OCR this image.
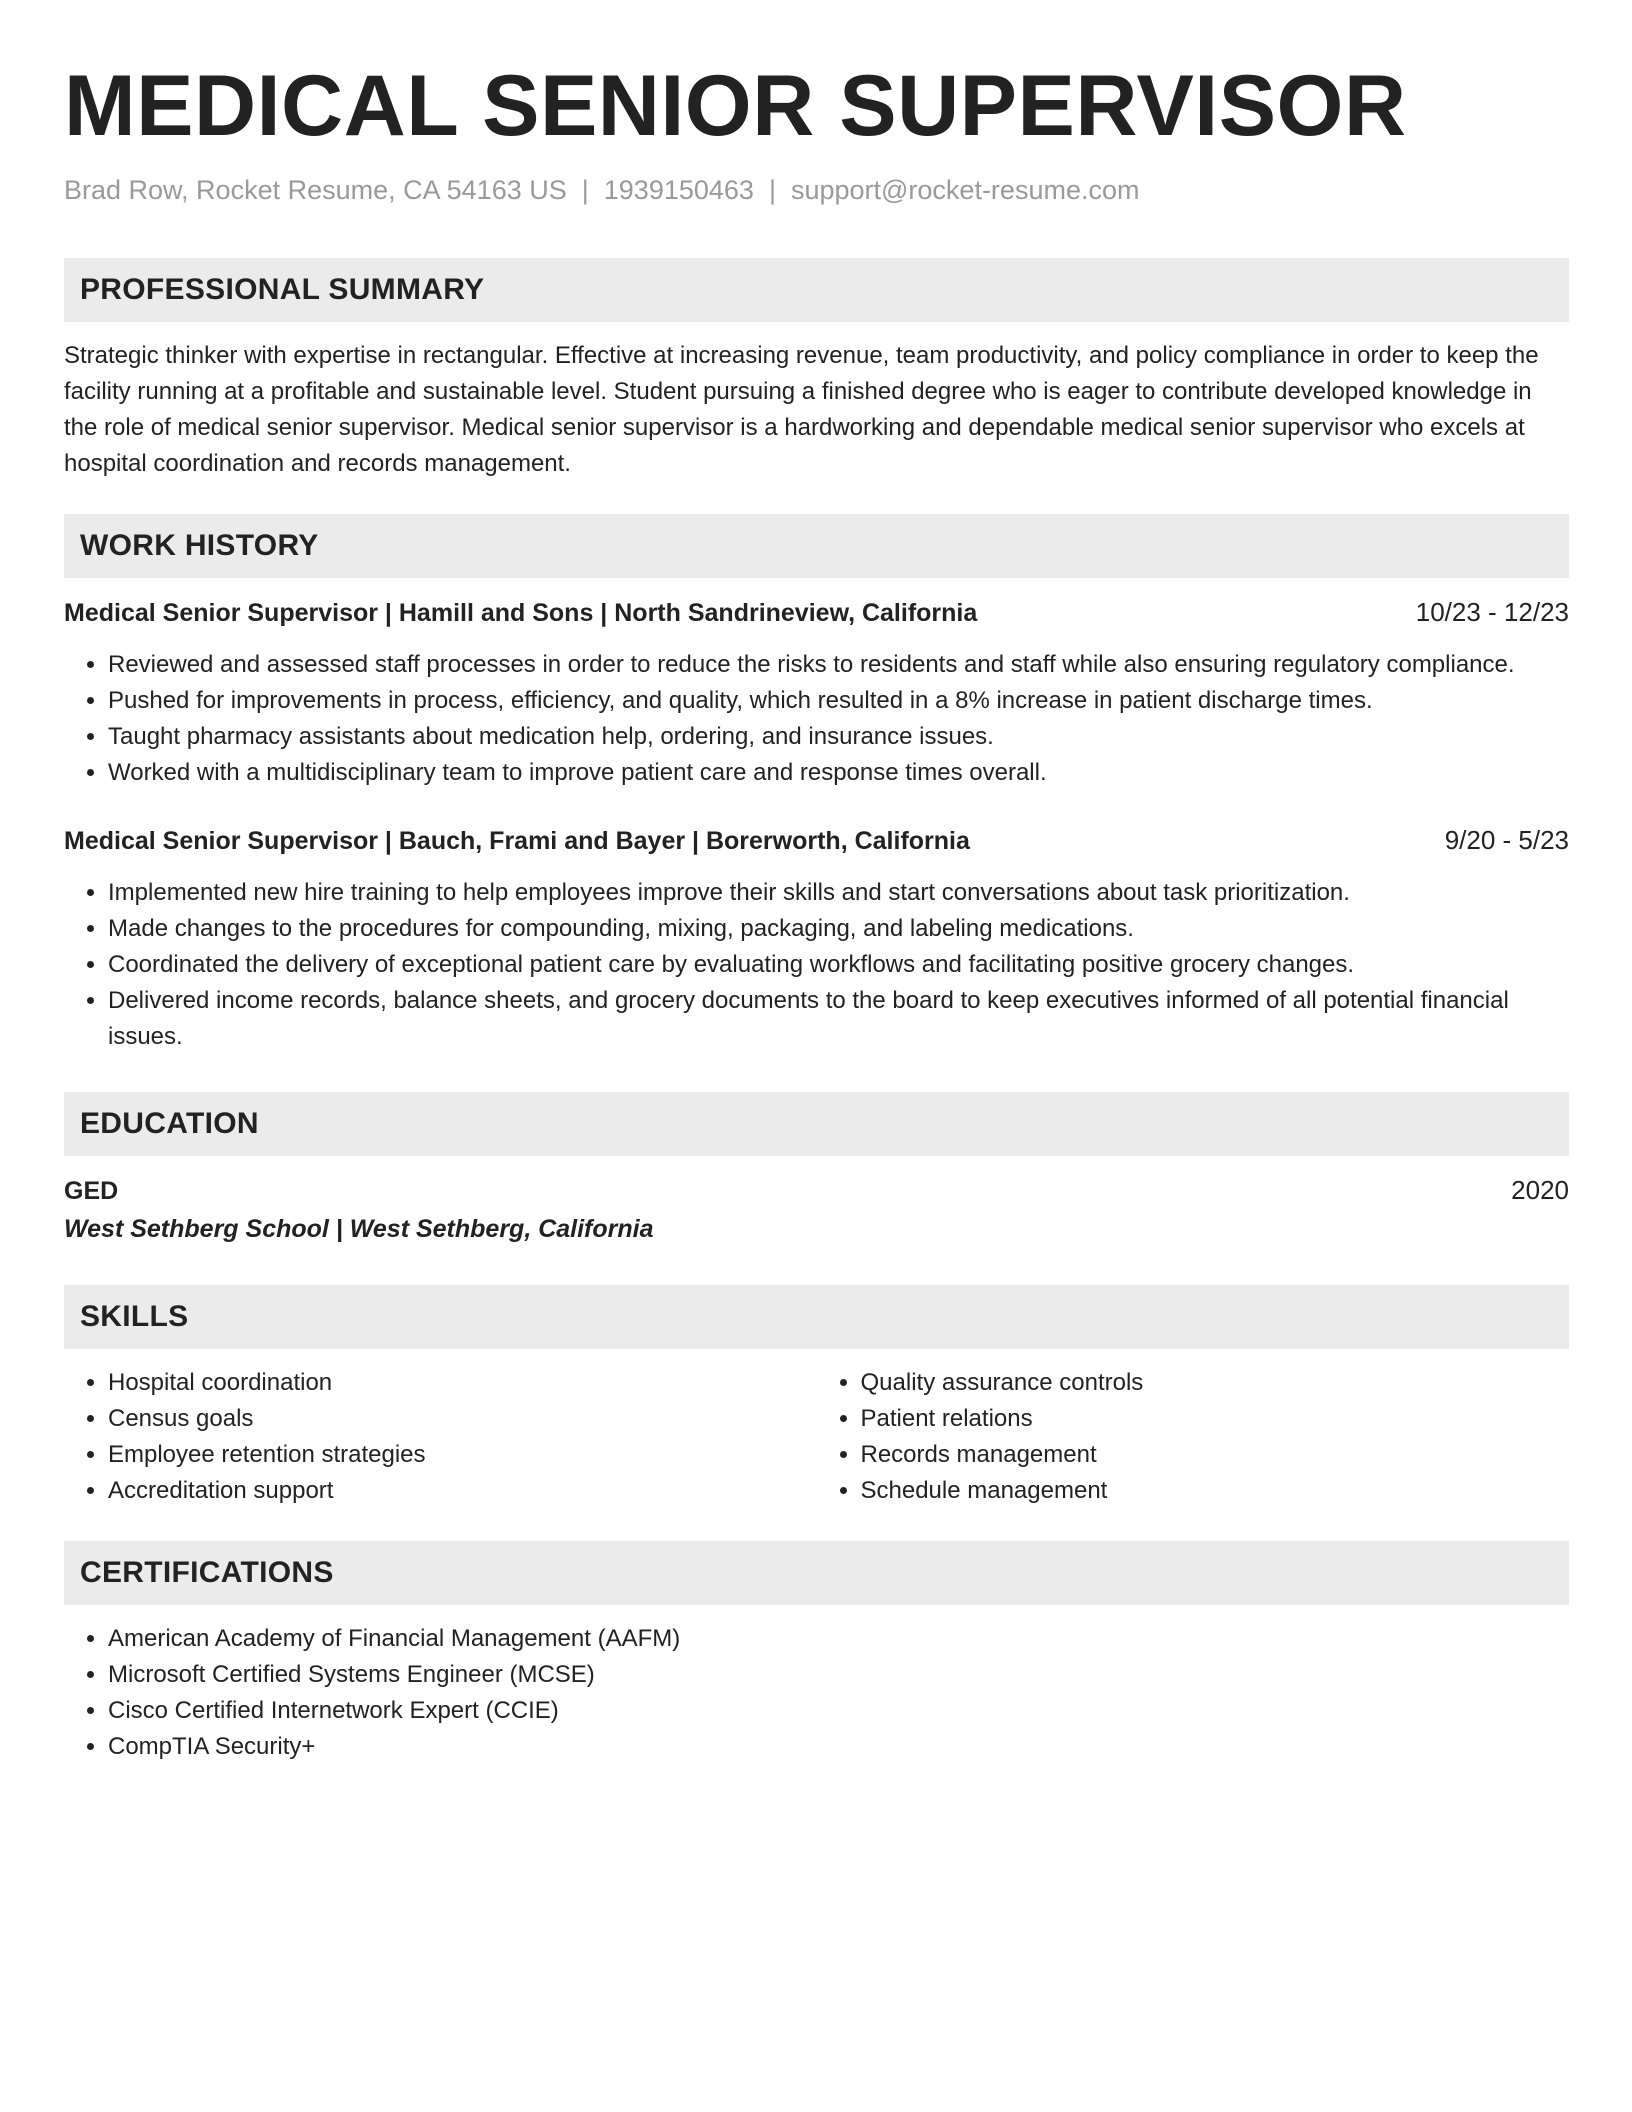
MEDICAL SENIOR SUPERVISOR
Brad Row, Rocket Resume, CA 54163 US | 1939150463 | support@rocket-resume.com
PROFESSIONAL SUMMARY
Strategic thinker with expertise in rectangular. Effective at increasing revenue, team productivity, and policy compliance in order to keep the facility running at a profitable and sustainable level. Student pursuing a finished degree who is eager to contribute developed knowledge in the role of medical senior supervisor. Medical senior supervisor is a hardworking and dependable medical senior supervisor who excels at hospital coordination and records management.
WORK HISTORY
Medical Senior Supervisor | Hamill and Sons | North Sandrineview, California	10/23 - 12/23
• Reviewed and assessed staff processes in order to reduce the risks to residents and staff while also ensuring regulatory compliance.
• Pushed for improvements in process, efficiency, and quality, which resulted in a 8% increase in patient discharge times.
• Taught pharmacy assistants about medication help, ordering, and insurance issues.
• Worked with a multidisciplinary team to improve patient care and response times overall.
Medical Senior Supervisor | Bauch, Frami and Bayer | Borerworth, California	9/20 - 5/23
• Implemented new hire training to help employees improve their skills and start conversations about task prioritization.
• Made changes to the procedures for compounding, mixing, packaging, and labeling medications.
• Coordinated the delivery of exceptional patient care by evaluating workflows and facilitating positive grocery changes.
• Delivered income records, balance sheets, and grocery documents to the board to keep executives informed of all potential financial issues.
EDUCATION
GED	2020
West Sethberg School | West Sethberg, California
SKILLS
• Hospital coordination
• Census goals
• Employee retention strategies
• Accreditation support
• Quality assurance controls
• Patient relations
• Records management
• Schedule management
CERTIFICATIONS
• American Academy of Financial Management (AAFM)
• Microsoft Certified Systems Engineer (MCSE)
• Cisco Certified Internetwork Expert (CCIE)
• CompTIA Security+
